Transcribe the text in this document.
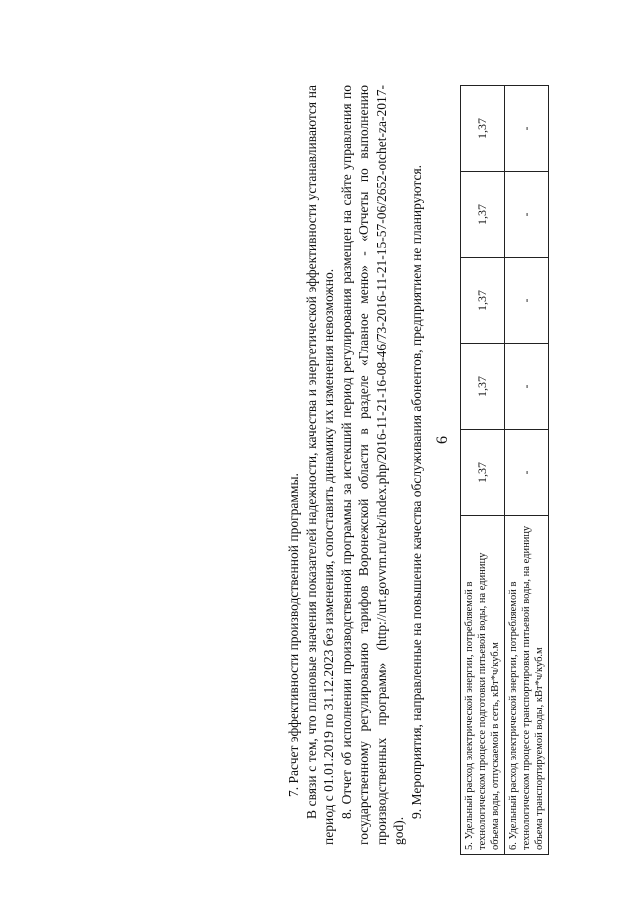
6
5. Удельный расход электрической энергии, потребляемой в технологическом процессе подготовки питьевой воды, на единицу объема воды, отпускаемой в сеть, кВт*ч/куб.м	1,37	1,37	1,37	1,37	1,37
6. Удельный расход электрической энергии, потребляемой в технологическом процессе транспортировки питьевой воды, на единицу объема транспортируемой воды, кВт*ч/куб.м	-	-	-	-	-

7. Расчет эффективности производственной программы. В связи с тем, что плановые значения показателей надежности, качества и энергетической эффективности устанавливаются на период с 01.01.2019 по 31.12.2023 без изменения, сопоставить динамику их изменения невозможно. 8. Отчет об исполнении производственной программы за истекший период регулирования размещен на сайте управления по государственному регулированию тарифов Воронежской области в разделе «Главное меню» - «Отчеты по выполнению производственных программ» (http://urt.govvrn.ru/rek/index.php/2016-11-21-16-08-46/73-2016-11-21-15-57-06/2652-otchet-za-2017-god).

9. Мероприятия, направленные на повышение качества обслуживания абонентов, предприятием не планируются.
